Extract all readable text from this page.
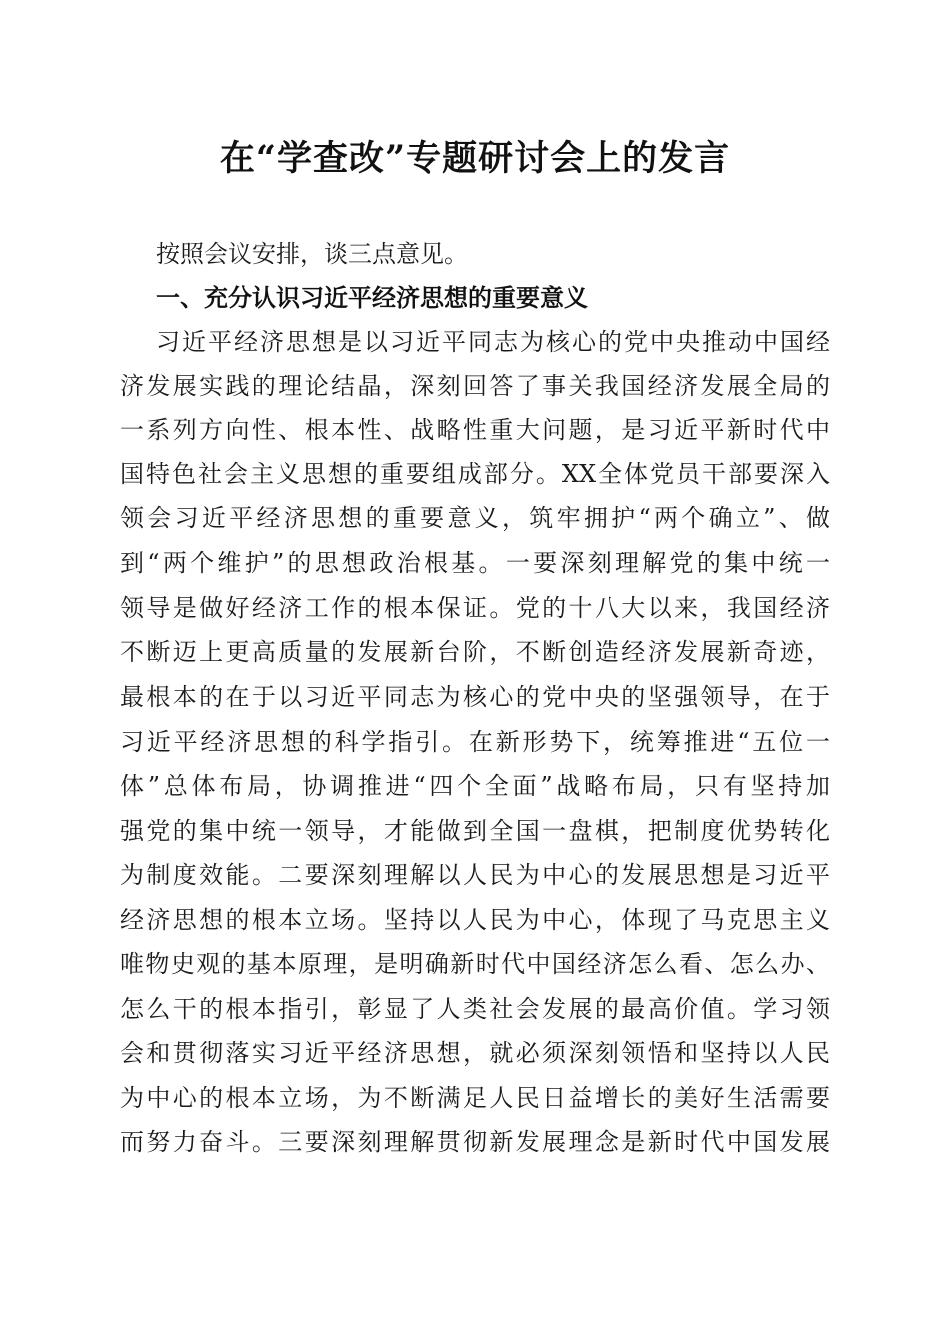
在“学查改”专题研讨会上的发言
按照会议安排，谈三点意见。
一、充分认识习近平经济思想的重要意义
习近平经济思想是以习近平同志为核心的党中央推动中国经
济发展实践的理论结晶，深刻回答了事关我国经济发展全局的
一系列方向性、根本性、战略性重大问题，是习近平新时代中
国特色社会主义思想的重要组成部分。XX全体党员干部要深入
领会习近平经济思想的重要意义，筑牢拥护“两个确立”、做
到“两个维护”的思想政治根基。一要深刻理解党的集中统一
领导是做好经济工作的根本保证。党的十八大以来，我国经济
不断迈上更高质量的发展新台阶，不断创造经济发展新奇迹，
最根本的在于以习近平同志为核心的党中央的坚强领导，在于
习近平经济思想的科学指引。在新形势下，统筹推进“五位一
体”总体布局，协调推进“四个全面”战略布局，只有坚持加
强党的集中统一领导，才能做到全国一盘棋，把制度优势转化
为制度效能。二要深刻理解以人民为中心的发展思想是习近平
经济思想的根本立场。坚持以人民为中心，体现了马克思主义
唯物史观的基本原理，是明确新时代中国经济怎么看、怎么办、
怎么干的根本指引，彰显了人类社会发展的最高价值。学习领
会和贯彻落实习近平经济思想，就必须深刻领悟和坚持以人民
为中心的根本立场，为不断满足人民日益增长的美好生活需要
而努力奋斗。三要深刻理解贯彻新发展理念是新时代中国发展
